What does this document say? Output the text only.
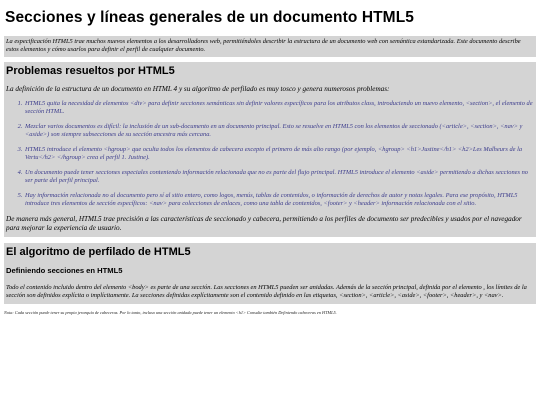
Secciones y líneas generales de un documento HTML5
La especificación HTML5 trae muchos nuevos elementos a los desarrolladores web, permitiéndoles describir la estructura de un documento web con semántica estandarizada. Este documento describe estos elementos y cómo usarlos para definir el perfil de cualquier documento.
Problemas resueltos por HTML5

La definición de la estructura de un documento en HTML 4 y su algoritmo de perfilado es muy tosco y genera numerosos problemas:

1. HTML5 quita la necesidad de elementos <div> para definir secciones semánticas sin definir valores específicos para los atributos class, introduciendo un nuevo elemento, <section>, el elemento de sección HTML.
2. Mezclar varios documentos es difícil: la inclusión de un sub-documento en un documento principal. Esto se resuelve en HTML5 con los elementos de seccionado (<article>, <section>, <nav> y <aside>) son siempre subsecciones de su sección ancestra más cercana.
3. HTML5 introduce el elemento <hgroup> que oculta todos los elementos de cabecera excepto el primero de más alto rango (por ejemplo, <hgroup> <h1>Justine</h1> <h2>Les Malheurs de la Vertu</h2> </hgroup> crea el perfil 1. Justine).
4. Un documento puede tener secciones especiales conteniendo información relacionada que no es parte del flujo principal. HTML5 introduce el elemento <aside> permitiendo a dichas secciones no ser parte del perfil principal.
5. Hay información relacionada no al documento pero sí al sitio entero, como logos, menús, tablas de contenidos, o información de derechos de autor y notas legales. Para ese propósito, HTML5 introduce tres elementos de sección específicos: <nav> para colecciones de enlaces, como una tabla de contenidos, <footer> y <header> información relacionada con el sitio.

De manera más general, HTML5 trae precisión a las características de seccionado y cabecera, permitiendo a los perfiles de documento ser predecibles y usados por el navegador para mejorar la experiencia de usuario.

El algoritmo de perfilado de HTML5
Definiendo secciones en HTML5

Todo el contenido incluido dentro del elemento <body> es parte de una sección. Las secciones en HTML5 pueden ser anidadas. Además de la sección principal, definida por el elemento , los límites de la sección son definidos explícita o implícitamente. La secciones definidas explícitamente son el contenido definido en las etiquetas, <section>, <article>, <aside>, <footer>, <header>, y <nav>.

Nota: Cada sección puede tener su propia jerarquía de cabeceras. Por lo tanto, incluso una sección anidada puede tener un elemento <h1> Consulte también Definiendo cabeceras en HTML5.
